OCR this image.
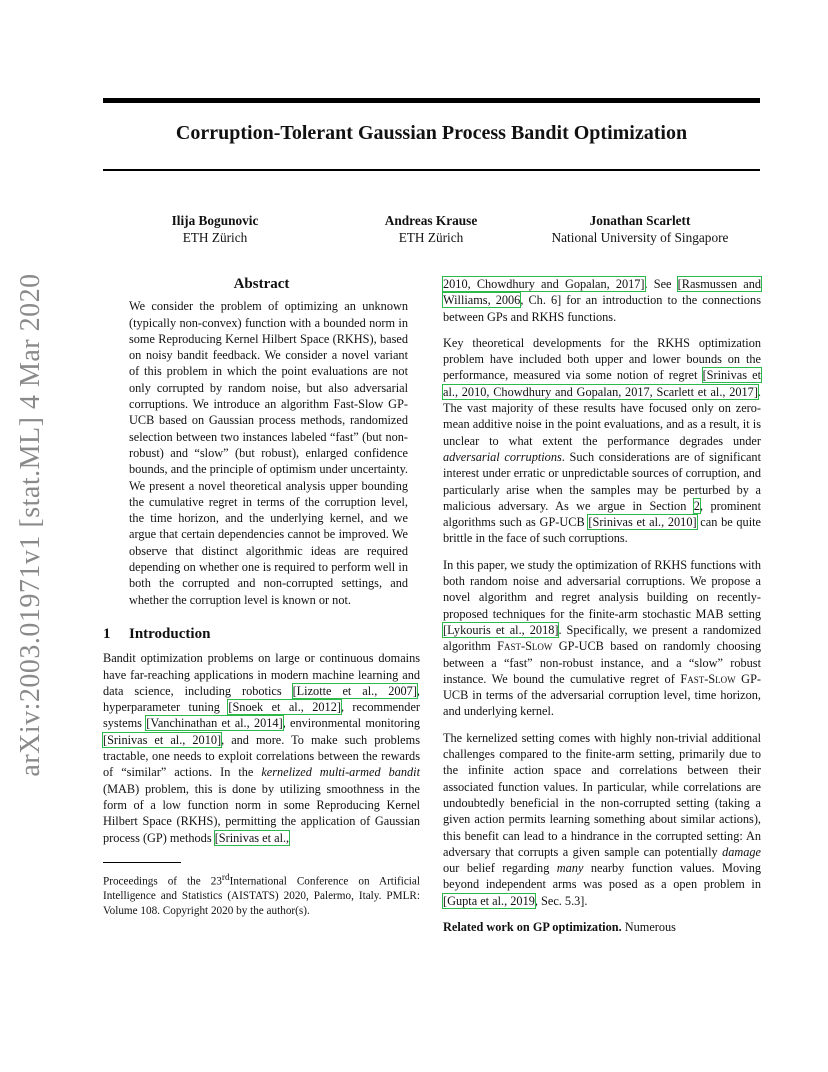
Corruption-Tolerant Gaussian Process Bandit Optimization
Ilija Bogunovic
ETH Zürich
Andreas Krause
ETH Zürich
Jonathan Scarlett
National University of Singapore
arXiv:2003.01971v1 [stat.ML] 4 Mar 2020	Abstract
We consider the problem of optimizing an unknown (typically non-convex) function with a bounded norm in some Reproducing Kernel Hilbert Space (RKHS), based on noisy bandit feedback. We consider a novel variant of this problem in which the point evaluations are not only corrupted by random noise, but also adversarial corruptions. We introduce an algorithm Fast-Slow GP-UCB based on Gaussian process methods, randomized selection between two instances labeled “fast” (but non-robust) and “slow” (but robust), enlarged confidence bounds, and the principle of optimism under uncertainty. We present a novel theoretical analysis upper bounding the cumulative regret in terms of the corruption level, the time horizon, and the underlying kernel, and we argue that certain dependencies cannot be improved. We observe that distinct algorithmic ideas are required depending on whether one is required to perform well in both the corrupted and non-corrupted settings, and whether the corruption level is known or not.
1 Introduction
Bandit optimization problems on large or continuous domains have far-reaching applications in modern machine learning and data science, including robotics [Lizotte et al., 2007], hyperparameter tuning [Snoek et al., 2012], recommender systems [Vanchinathan et al., 2014], environmental monitoring [Srinivas et al., 2010], and more. To make such problems tractable, one needs to exploit correlations between the rewards of “similar” actions. In the kernelized multi-armed bandit (MAB) problem, this is done by utilizing smoothness in the form of a low function norm in some Reproducing Kernel Hilbert Space (RKHS), permitting the application of Gaussian process (GP) methods [Srinivas et al.,
Proceedings of the 23rdInternational Conference on Artificial Intelligence and Statistics (AISTATS) 2020, Palermo, Italy. PMLR: Volume 108. Copyright 2020 by the author(s).

2010, Chowdhury and Gopalan, 2017]. See [Rasmussen and Williams, 2006, Ch. 6] for an introduction to the connections between GPs and RKHS functions.

Key theoretical developments for the RKHS optimization problem have included both upper and lower bounds on the performance, measured via some notion of regret [Srinivas et al., 2010, Chowdhury and Gopalan, 2017, Scarlett et al., 2017]. The vast majority of these results have focused only on zero-mean additive noise in the point evaluations, and as a result, it is unclear to what extent the performance degrades under adversarial corruptions. Such considerations are of significant interest under erratic or unpredictable sources of corruption, and particularly arise when the samples may be perturbed by a malicious adversary. As we argue in Section 2, prominent algorithms such as GP-UCB [Srinivas et al., 2010] can be quite brittle in the face of such corruptions.

In this paper, we study the optimization of RKHS functions with both random noise and adversarial corruptions. We propose a novel algorithm and regret analysis building on recently-proposed techniques for the finite-arm stochastic MAB setting [Lykouris et al., 2018]. Specifically, we present a randomized algorithm Fast-Slow GP-UCB based on randomly choosing between a “fast” non-robust instance, and a “slow” robust instance. We bound the cumulative regret of Fast-Slow GP-UCB in terms of the adversarial corruption level, time horizon, and underlying kernel.

The kernelized setting comes with highly non-trivial additional challenges compared to the finite-arm setting, primarily due to the infinite action space and correlations between their associated function values. In particular, while correlations are undoubtedly beneficial in the non-corrupted setting (taking a given action permits learning something about similar actions), this benefit can lead to a hindrance in the corrupted setting: An adversary that corrupts a given sample can potentially damage our belief regarding many nearby function values. Moving beyond independent arms was posed as a open problem in [Gupta et al., 2019, Sec. 5.3].

Related work on GP optimization. Numerous
